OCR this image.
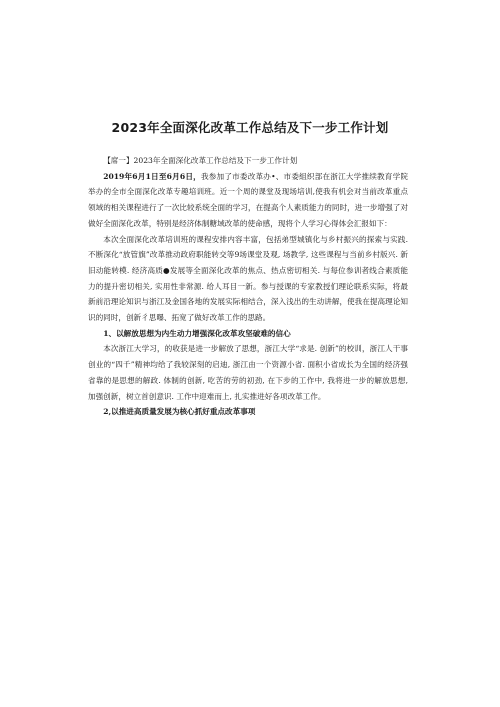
2023年全面深化改革工作总结及下一步工作计划

【席一】2023年全面深化改革工作总结及下一步工作计划

2019年6月1日至6月6日，我参加了市委改革办•、市委組织部在浙江大学推续教育学院举办的全市全面深化改革专趣培训班。近一个周的课堂及现场培训,使我有机会对当前改革重点领域的相关课程进行了一次比较系统全面的学习，在提高个人素质能力的同时，进一步增强了对做好全面深化改革，特别是经济体制糖域改革的使命感，现将个人学习心得体会汇报如下：

本次全面深化改革培训班的课程安排内容丰富，包括弟型城镇化与乡村振兴的探索与实践. 不断深化“放管旗”改革推动政府职能转交等9场课堂及观, 场教学, 这些课程与当前乡村版兴. 新旧动能转模. 经济高质●发展等全面深化改革的焦点、热点密切相关. 与每位参训者线合素质能力的提升密切相关, 实用性非常源. 给人耳目一新。参与授课的专家教授们理论联系实际，将最新前沿理论知识与浙江及金国各地的发展实际相结合，深入浅出的生动讲解，使我在提高理论知识的同时，创新彳思曝、拓宽了做好改革工作的思路。

1、以解放思想为内生动力增强深化改革攻坚破难的信心

本次浙江大学习，的收获是进一步解放了思想，浙江大学“求是. 创新”的校训，浙江人干事创业的“四千”精神均给了我较深刻的启迪, 浙江由一个资源小省. 面积小省成长为全国的经济强省靠的是思想的解政. 体制的创新, 吃苦的劳的初劲, 在下步的工作中, 我将进一步的解放思想, 加强创新，树立首创意识. 工作中迎难而上, 扎实推进好各项改革工作。

2,以推进高质量发展为核心抓好重点改革事项
